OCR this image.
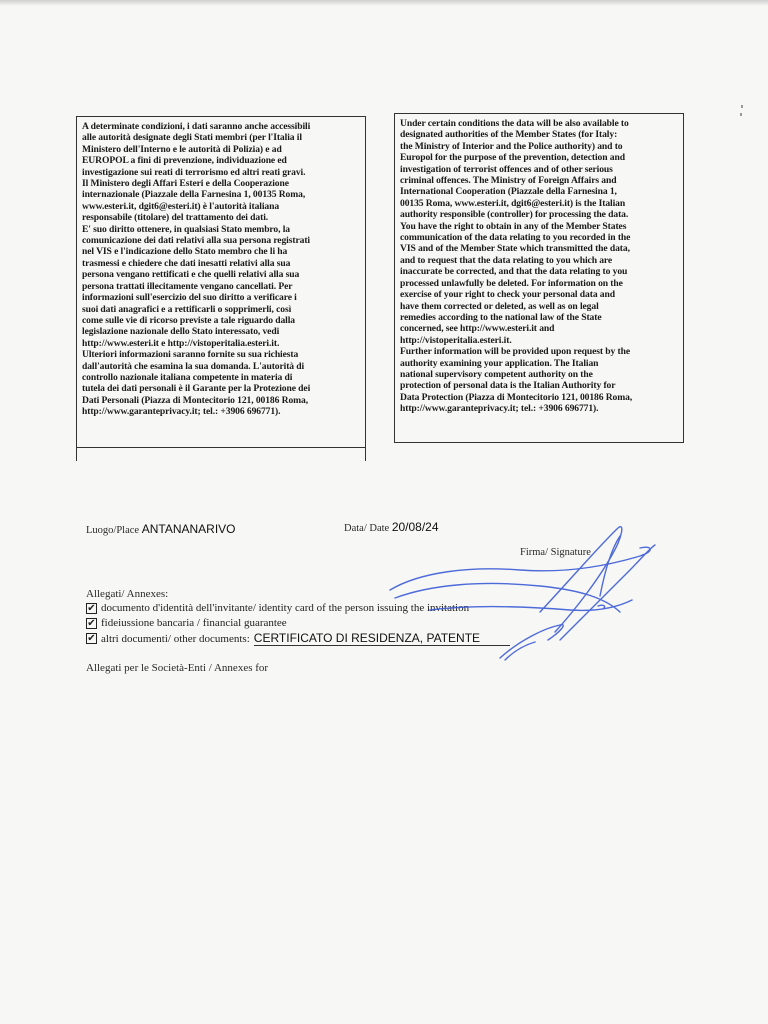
A determinate condizioni, i dati saranno anche accessibili
alle autorità designate degli Stati membri (per l'Italia il
Ministero dell'Interno e le autorità di Polizia) e ad
EUROPOL a fini di prevenzione, individuazione ed
investigazione sui reati di terrorismo ed altri reati gravi.
Il Ministero degli Affari Esteri e della Cooperazione
internazionale (Piazzale della Farnesina 1, 00135 Roma,
www.esteri.it, dgit6@esteri.it) è l'autorità italiana
responsabile (titolare) del trattamento dei dati.
E' suo diritto ottenere, in qualsiasi Stato membro, la
comunicazione dei dati relativi alla sua persona registrati
nel VIS e l'indicazione dello Stato membro che li ha
trasmessi e chiedere che dati inesatti relativi alla sua
persona vengano rettificati e che quelli relativi alla sua
persona trattati illecitamente vengano cancellati. Per
informazioni sull'esercizio del suo diritto a verificare i
suoi dati anagrafici e a rettificarli o sopprimerli, così
come sulle vie di ricorso previste a tale riguardo dalla
legislazione nazionale dello Stato interessato, vedi
http://www.esteri.it e http://vistoperitalia.esteri.it.
Ulteriori informazioni saranno fornite su sua richiesta
dall'autorità che esamina la sua domanda. L'autorità di
controllo nazionale italiana competente in materia di
tutela dei dati personali è il Garante per la Protezione dei
Dati Personali (Piazza di Montecitorio 121, 00186 Roma,
http://www.garanteprivacy.it; tel.: +3906 696771).
Under certain conditions the data will be also available to
designated authorities of the Member States (for Italy:
the Ministry of Interior and the Police authority) and to
Europol for the purpose of the prevention, detection and
investigation of terrorist offences and of other serious
criminal offences. The Ministry of Foreign Affairs and
International Cooperation (Piazzale della Farnesina 1,
00135 Roma, www.esteri.it, dgit6@esteri.it) is the Italian
authority responsible (controller) for processing the data.
You have the right to obtain in any of the Member States
communication of the data relating to you recorded in the
VIS and of the Member State which transmitted the data,
and to request that the data relating to you which are
inaccurate be corrected, and that the data relating to you
processed unlawfully be deleted. For information on the
exercise of your right to check your personal data and
have them corrected or deleted, as well as on legal
remedies according to the national law of the State
concerned, see http://www.esteri.it and
http://vistoperitalia.esteri.it.
Further information will be provided upon request by the
authority examining your application. The Italian
national supervisory competent authority on the
protection of personal data is the Italian Authority for
Data Protection (Piazza di Montecitorio 121, 00186 Roma,
http://www.garanteprivacy.it; tel.: +3906 696771).
Luogo/Place ANTANANARIVO	Data/ Date 20/08/24
Firma/ Signature
Allegati/ Annexes:
✔ documento d'identità dell'invitante/ identity card of the person issuing the invitation
✔ fideiussione bancaria / financial guarantee
✔ altri documenti/ other documents: CERTIFICATO DI RESIDENZA, PATENTE
Allegati per le Società-Enti / Annexes for
